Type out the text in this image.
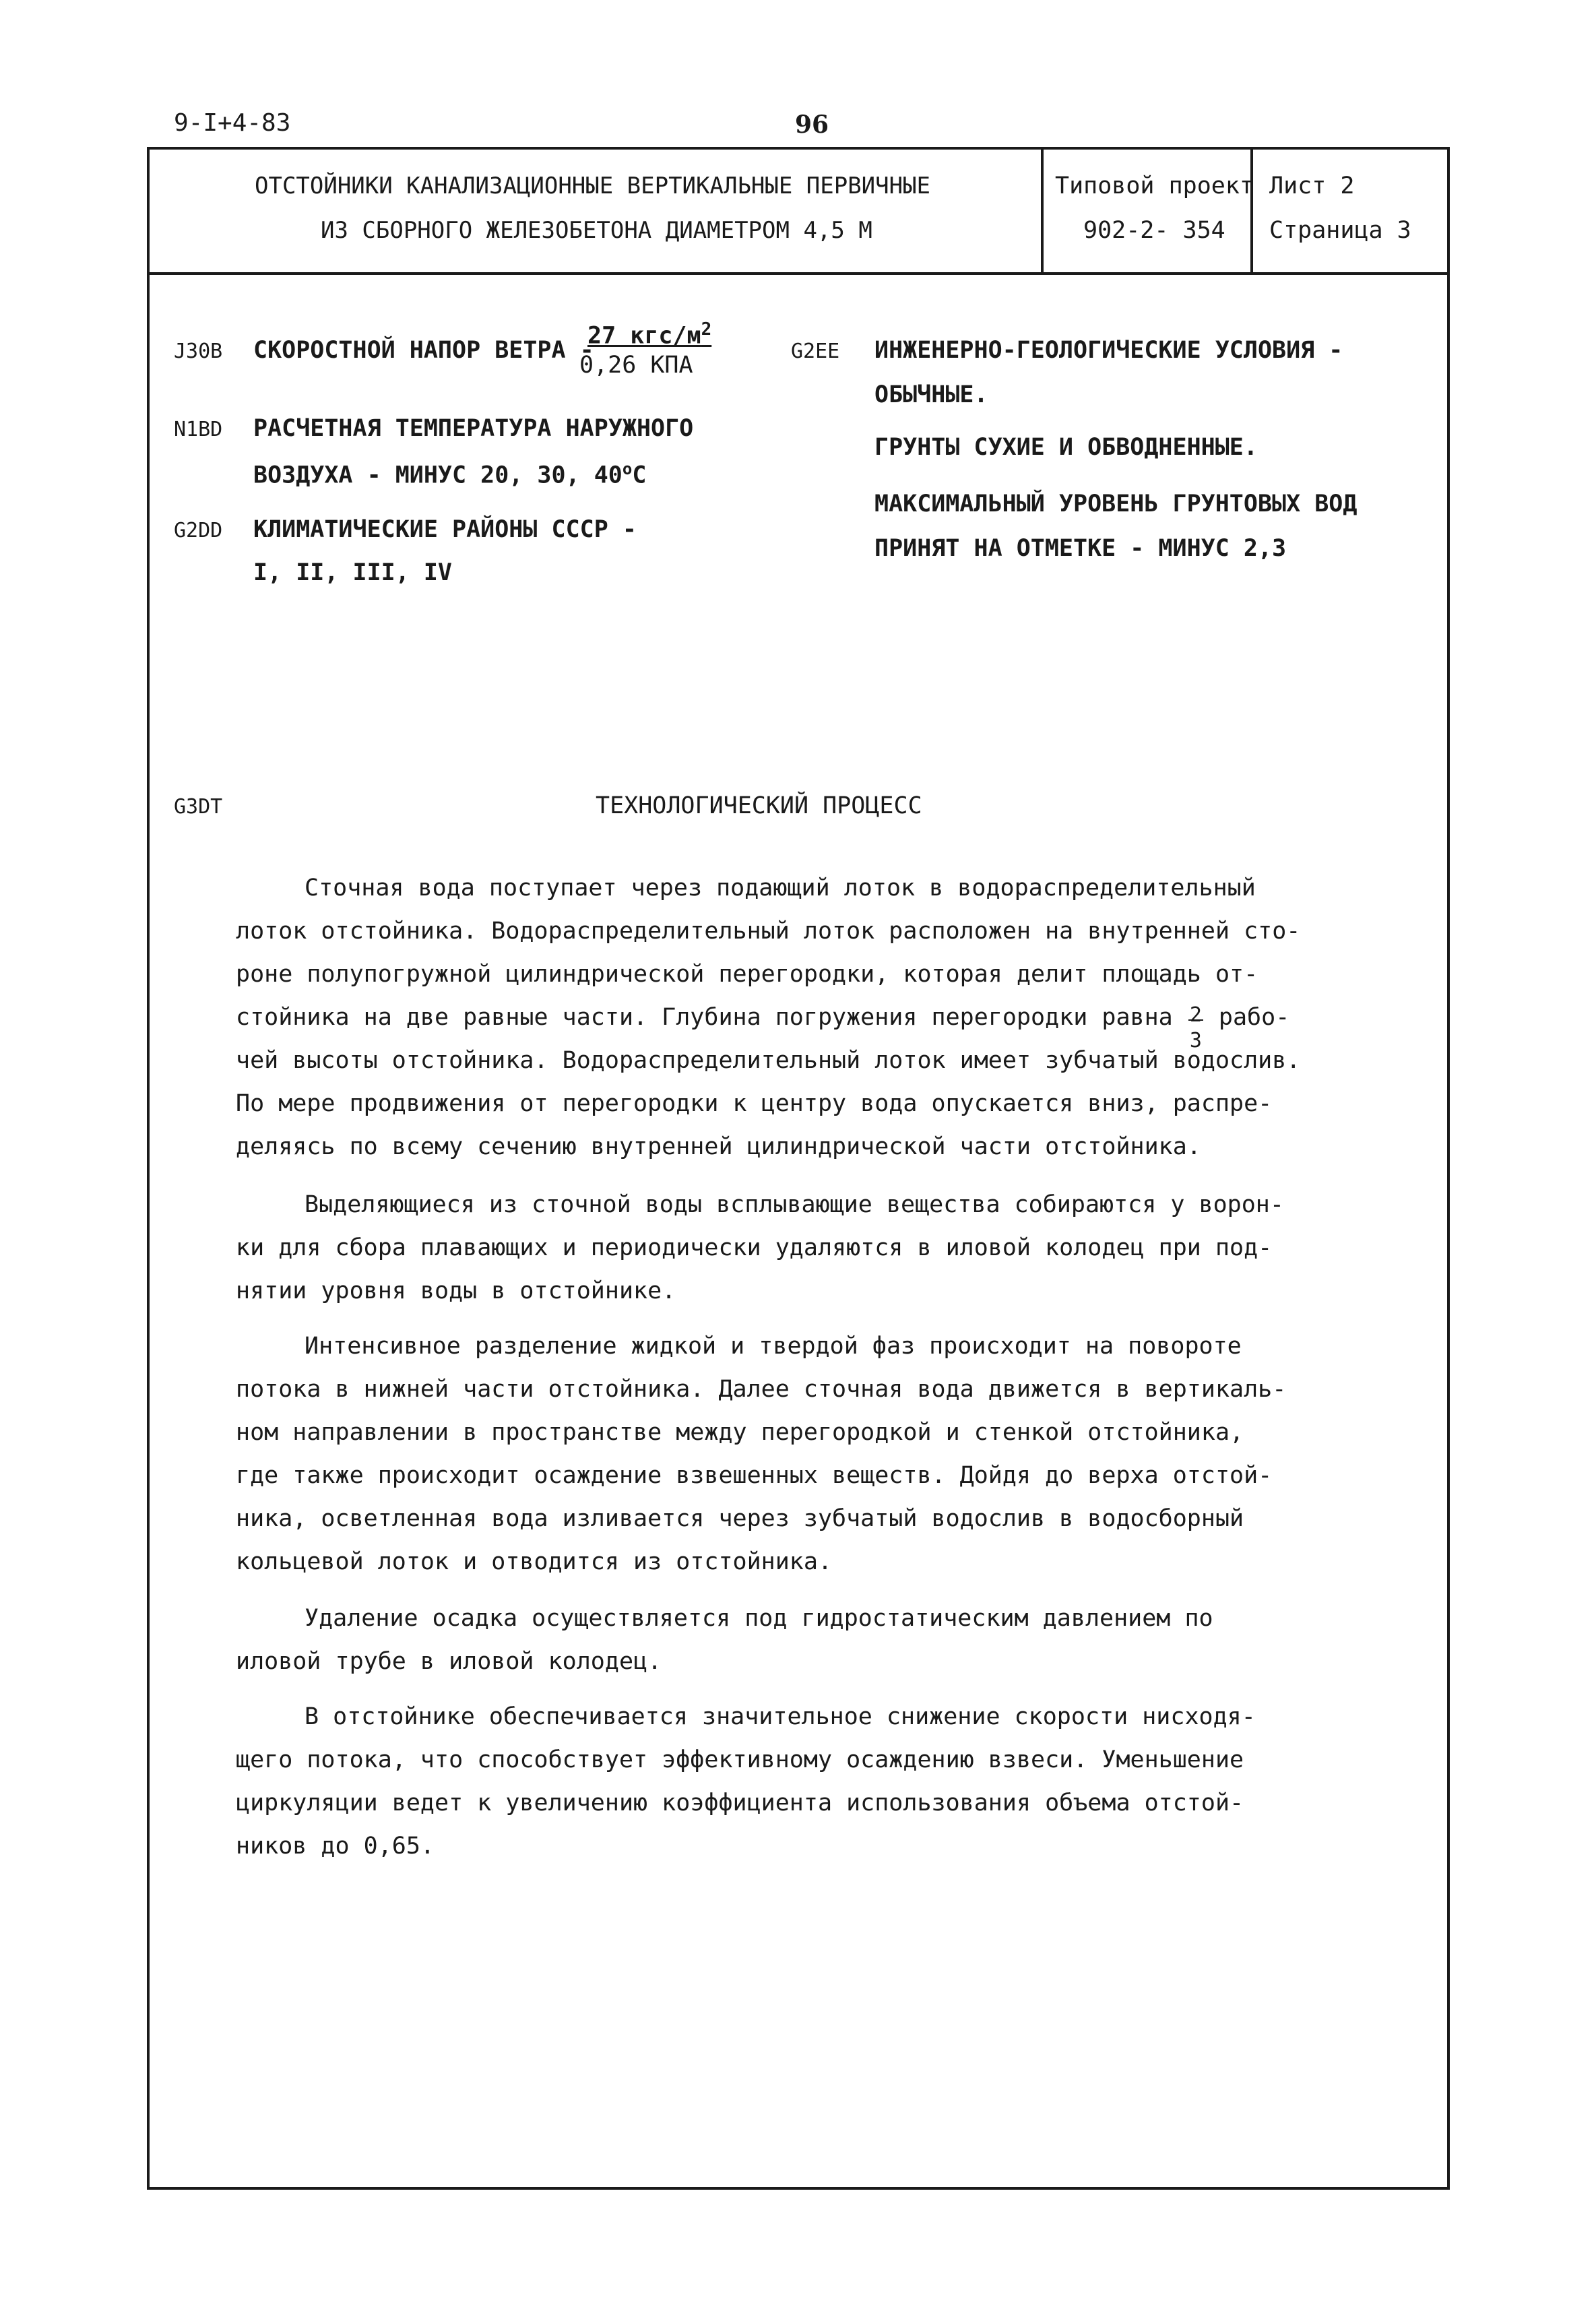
9-I+4-83	96
ОТСТОЙНИКИ КАНАЛИЗАЦИОННЫЕ ВЕРТИКАЛЬНЫЕ ПЕРВИЧНЫЕ
ИЗ СБОРНОГО ЖЕЛЕЗОБЕТОНА ДИАМЕТРОМ 4,5 М
Типовой проект
902-2- 354
Лист 2
Страница 3
J30B СКОРОСТНОЙ НАПОР ВЕТРА -
$\frac{27 кгс/м^2}{\text{0,26 КПА}}$
N1BD РАСЧЕТНАЯ ТЕМПЕРАТУРА НАРУЖНОГО
ВОЗДУХА - МИНУС 20, 30, 40$^o$С
G2DD КЛИМАТИЧЕСКИЕ РАЙОНЫ СССР -
I, II, III, IV
G2EE ИНЖЕНЕРНО-ГЕОЛОГИЧЕСКИЕ УСЛОВИЯ -
ОБЫЧНЫЕ.
ГРУНТЫ СУХИЕ И ОБВОДНЕННЫЕ.
МАКСИМАЛЬНЫЙ УРОВЕНЬ ГРУНТОВЫХ ВОД
ПРИНЯТ НА ОТМЕТКЕ - МИНУС 2,3
G3DT	ТЕХНОЛОГИЧЕСКИЙ ПРОЦЕСС
Сточная вода поступает через подающий лоток в водораспределительный
лоток отстойника. Водораспределительный лоток расположен на внутренней сто-
роне полупогружной цилиндрической перегородки, которая делит площадь от-
стойника на две равные части. Глубина погружения перегородки равна 2
3
рабо-
чей высоты отстойника. Водораспределительный лоток имеет зубчатый водослив.
По мере продвижения от перегородки к центру вода опускается вниз, распре-
деляясь по всему сечению внутренней цилиндрической части отстойника.
Выделяющиеся из сточной воды всплывающие вещества собираются у ворон-
ки для сбора плавающих и периодически удаляются в иловой колодец при под-
нятии уровня воды в отстойнике.
Интенсивное разделение жидкой и твердой фаз происходит на повороте
потока в нижней части отстойника. Далее сточная вода движется в вертикаль-
ном направлении в пространстве между перегородкой и стенкой отстойника,
где также происходит осаждение взвешенных веществ. Дойдя до верха отстой-
ника, осветленная вода изливается через зубчатый водослив в водосборный
кольцевой лоток и отводится из отстойника.
Удаление осадка осуществляется под гидростатическим давлением по
иловой трубе в иловой колодец.
В отстойнике обеспечивается значительное снижение скорости нисходя-
щего потока, что способствует эффективному осаждению взвеси. Уменьшение
циркуляции ведет к увеличению коэффициента использования объема отстой-
ников до 0,65.
